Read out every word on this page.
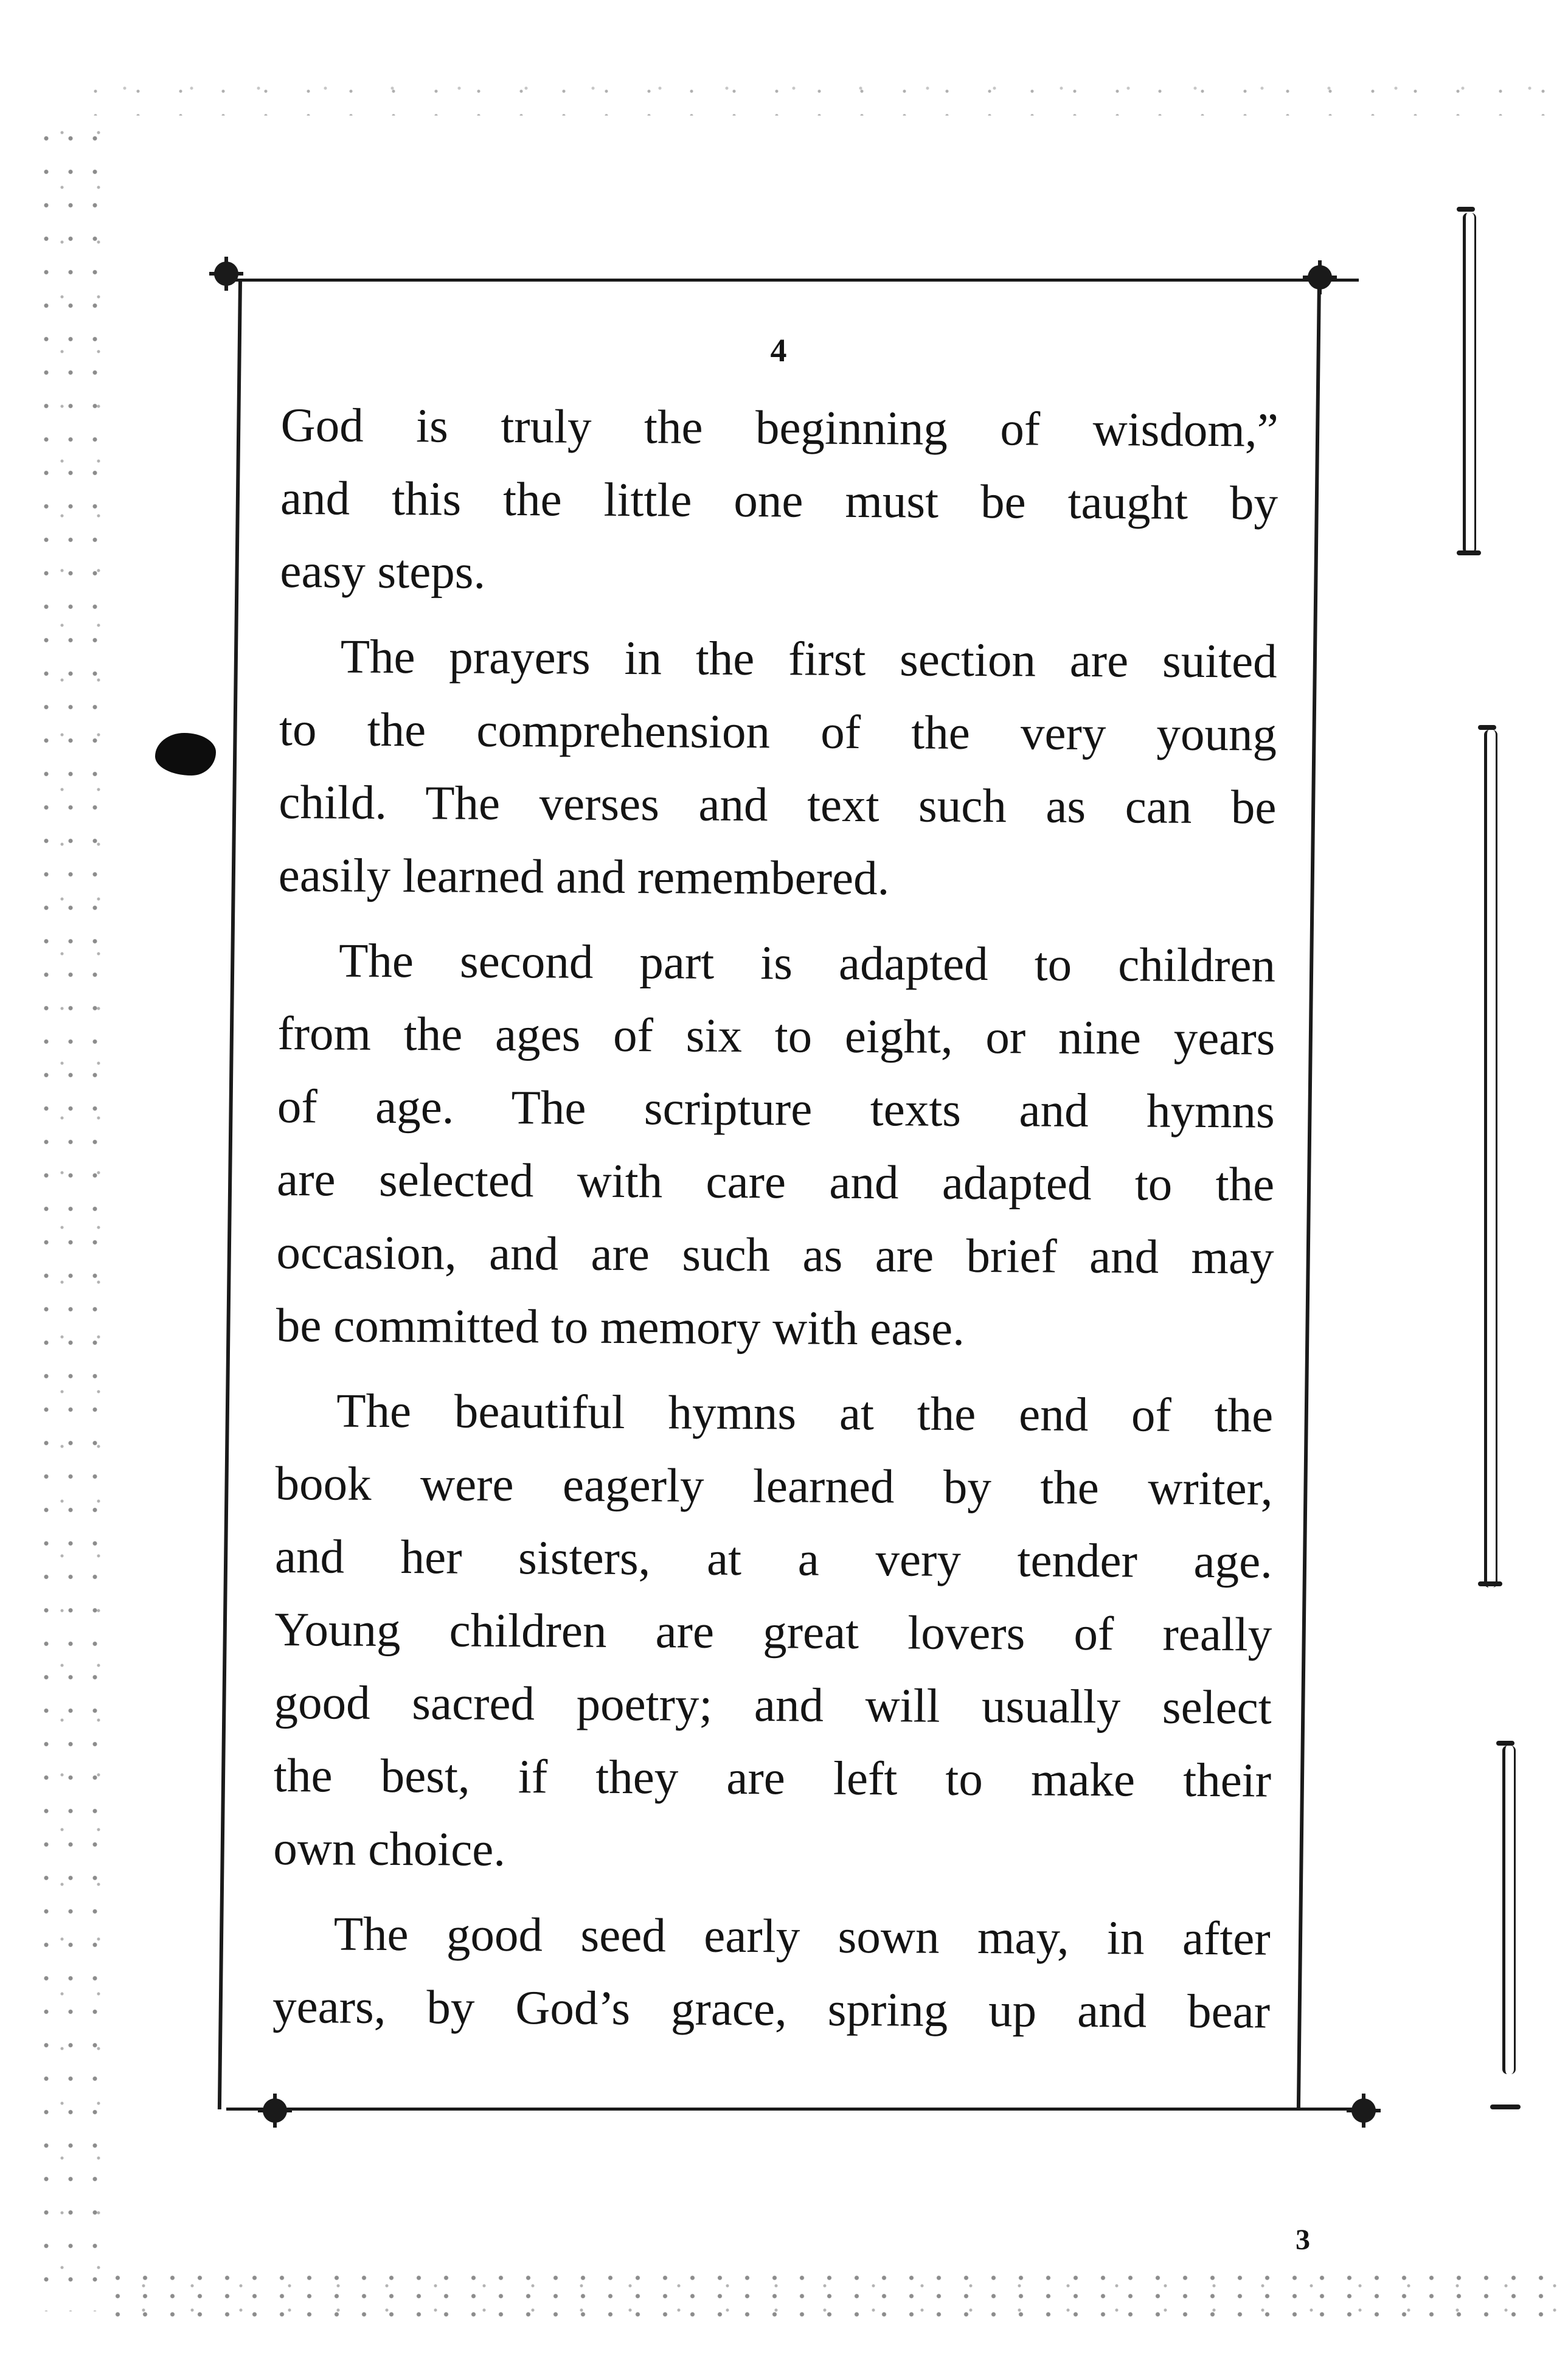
4

God is truly the beginning of wisdom,”
and this the little one must be taught by
easy steps.

The prayers in the first section are suited
to the comprehension of the very young
child. The verses and text such as can be
easily learned and remembered.

The second part is adapted to children
from the ages of six to eight, or nine years
of age. The scripture texts and hymns
are selected with care and adapted to the
occasion, and are such as are brief and may
be committed to memory with ease.

The beautiful hymns at the end of the
book were eagerly learned by the writer,
and her sisters, at a very tender age.
Young children are great lovers of really
good sacred poetry; and will usually select
the best, if they are left to make their
own choice.

The good seed early sown may, in after
years, by God’s grace, spring up and bear

3
